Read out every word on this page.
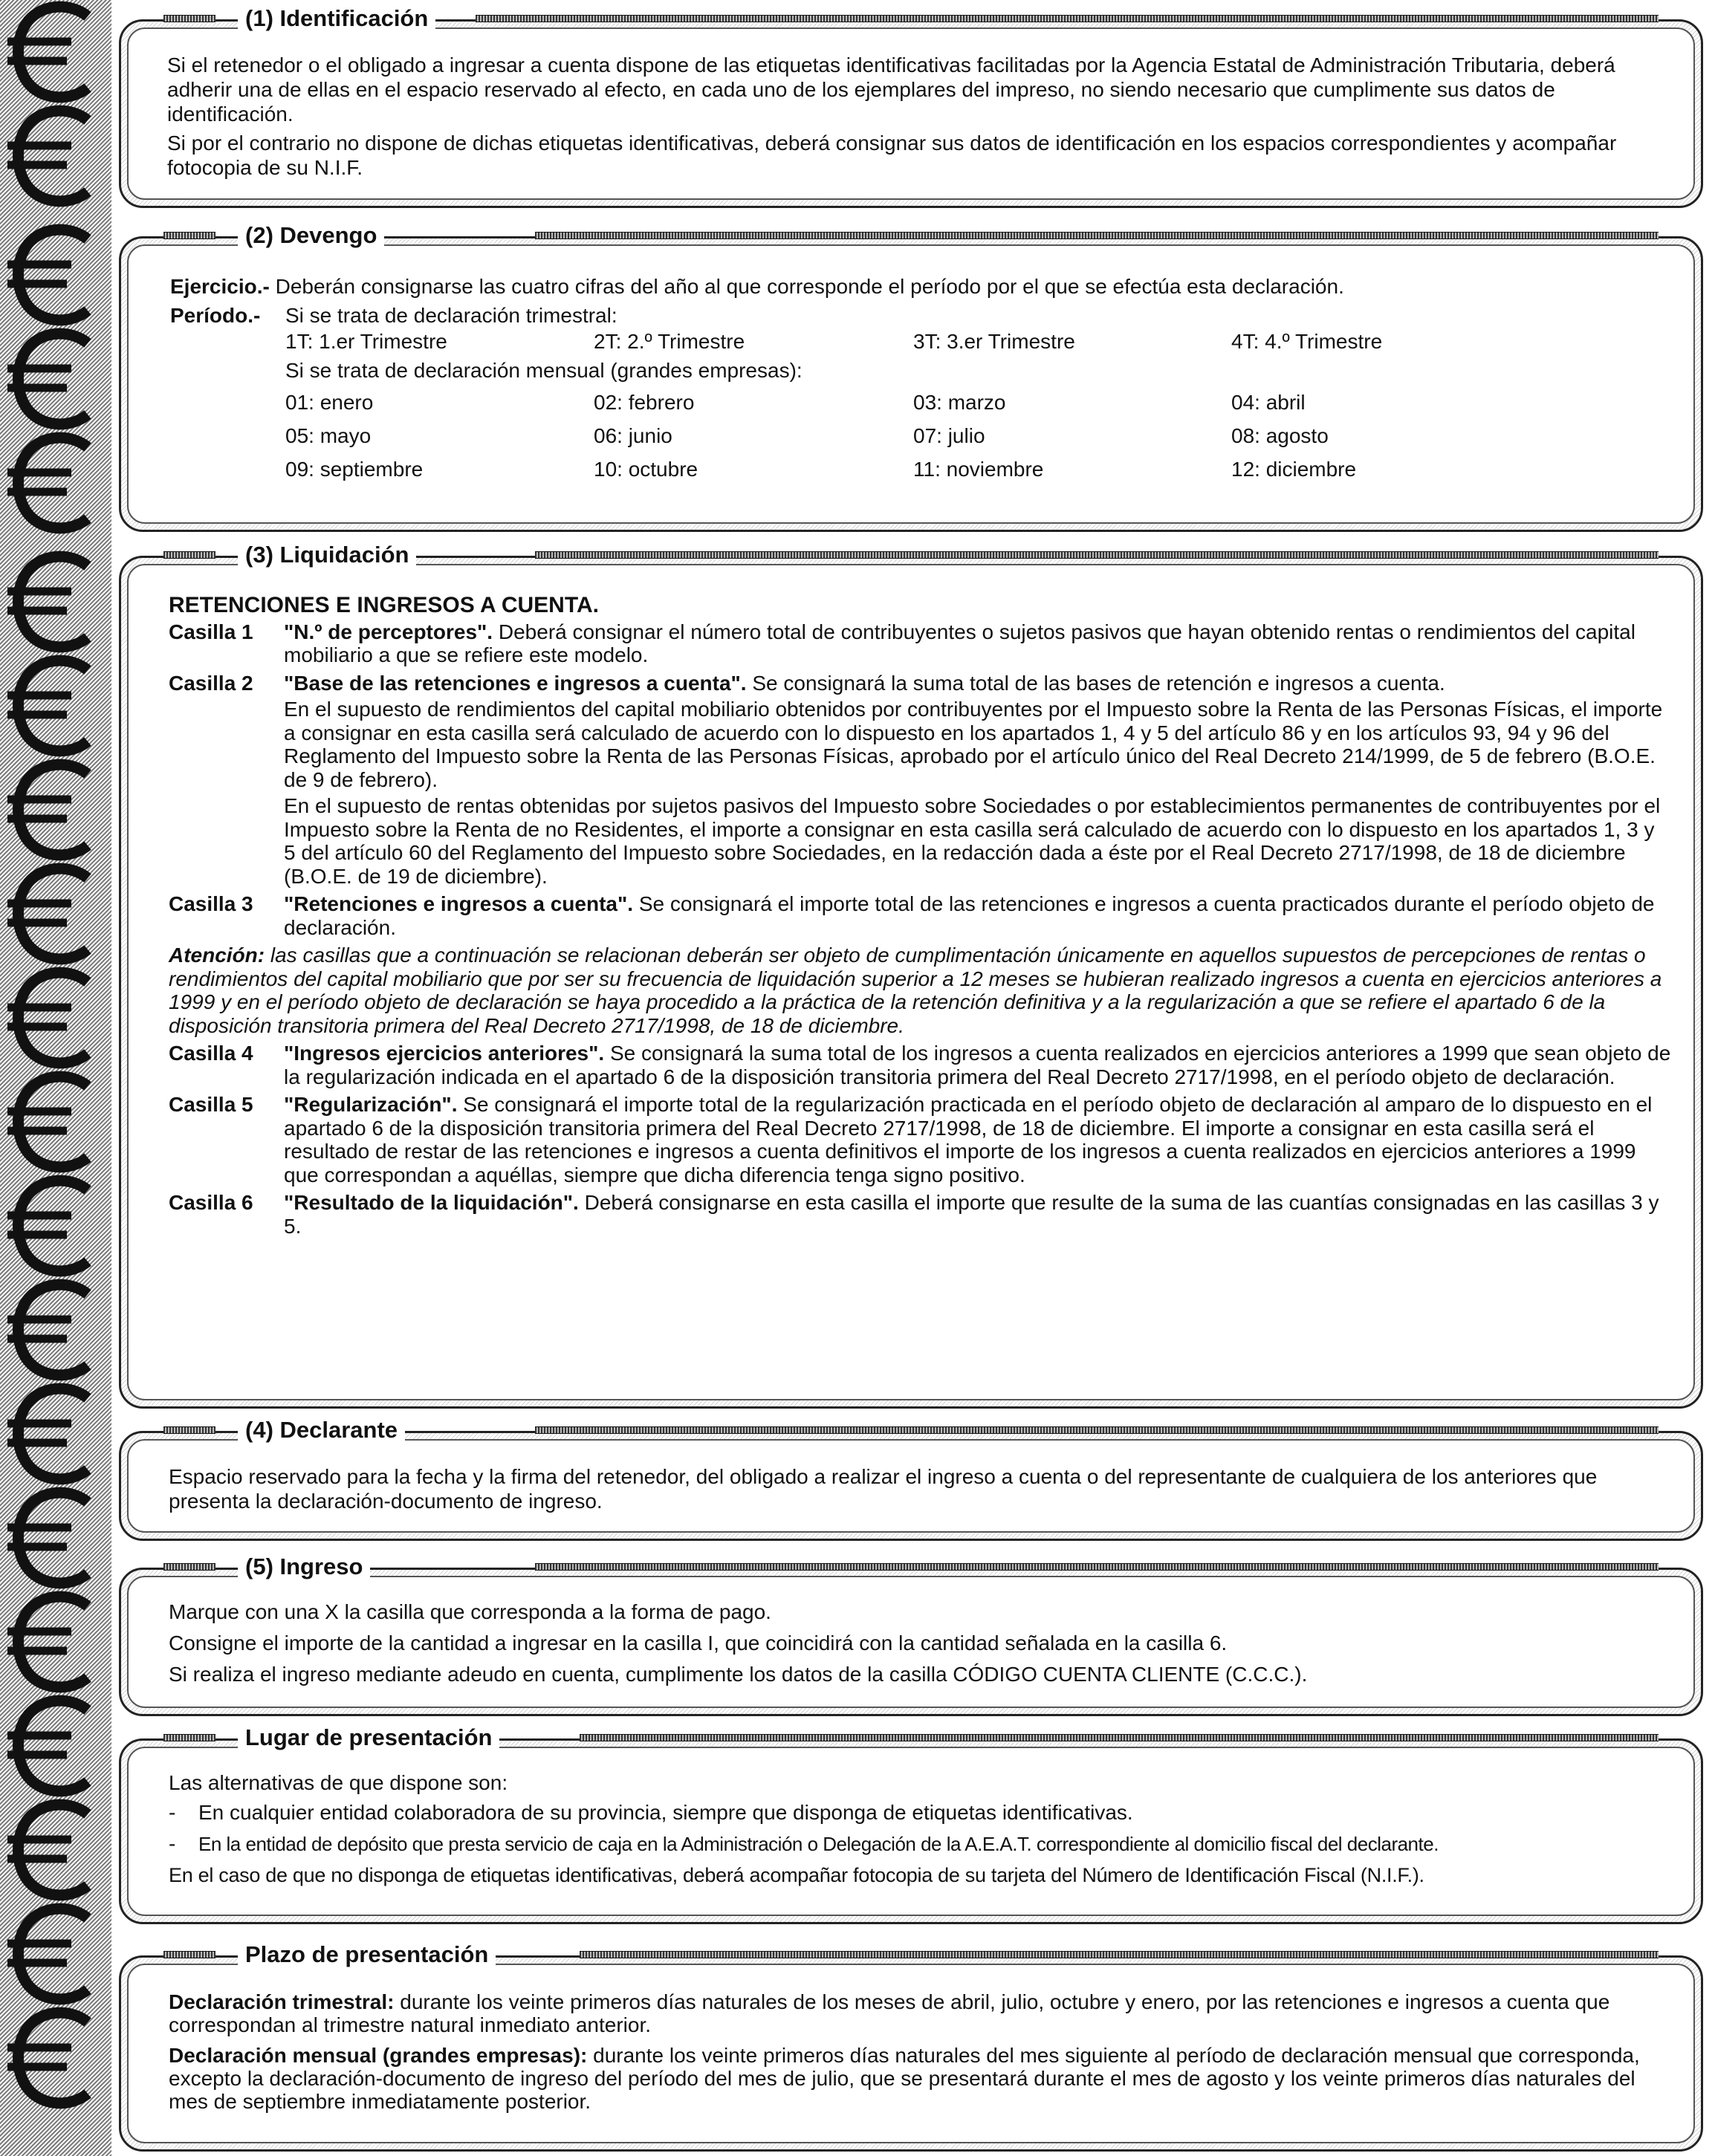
Si el retenedor o el obligado a ingresar a cuenta dispone de las etiquetas identificativas facilitadas por la Agencia Estatal de Administración Tributaria, deberá adherir una de ellas en el espacio reservado al efecto, en cada uno de los ejemplares del impreso, no siendo necesario que cumplimente sus datos de identificación.

Si por el contrario no dispone de dichas etiquetas identificativas, deberá consignar sus datos de identificación en los espacios correspondientes y acompañar fotocopia de su N.I.F.

(1) Identificación

Ejercicio.- Deberán consignarse las cuatro cifras del año al que corresponde el período por el que se efectúa esta declaración.

Período.-	Si se trata de declaración trimestral:

1T: 1.er Trimestre	2T: 2.º Trimestre	3T: 3.er Trimestre	4T: 4.º Trimestre

Si se trata de declaración mensual (grandes empresas):

01: enero	02: febrero	03: marzo	04: abril
05: mayo	06: junio	07: julio	08: agosto
09: septiembre	10: octubre	11: noviembre	12: diciembre
(2) Devengo

RETENCIONES E INGRESOS A CUENTA.

Casilla 1	"N.º de perceptores". Deberá consignar el número total de contribuyentes o sujetos pasivos que hayan obtenido rentas o rendimientos del capital mobiliario a que se refiere este modelo.
Casilla 2	"Base de las retenciones e ingresos a cuenta". Se consignará la suma total de las bases de retención e ingresos a cuenta.
En el supuesto de rendimientos del capital mobiliario obtenidos por contribuyentes por el Impuesto sobre la Renta de las Personas Físicas, el importe a consignar en esta casilla será calculado de acuerdo con lo dispuesto en los apartados 1, 4 y 5 del artículo 86 y en los artículos 93, 94 y 96 del Reglamento del Impuesto sobre la Renta de las Personas Físicas, aprobado por el artículo único del Real Decreto 214/1999, de 5 de febrero (B.O.E. de 9 de febrero).
En el supuesto de rentas obtenidas por sujetos pasivos del Impuesto sobre Sociedades o por establecimientos permanentes de contribuyentes por el Impuesto sobre la Renta de no Residentes, el importe a consignar en esta casilla será calculado de acuerdo con lo dispuesto en los apartados 1, 3 y 5 del artículo 60 del Reglamento del Impuesto sobre Sociedades, en la redacción dada a éste por el Real Decreto 2717/1998, de 18 de diciembre (B.O.E. de 19 de diciembre).
Casilla 3	"Retenciones e ingresos a cuenta". Se consignará el importe total de las retenciones e ingresos a cuenta practicados durante el período objeto de declaración.

Atención: las casillas que a continuación se relacionan deberán ser objeto de cumplimentación únicamente en aquellos supuestos de percepciones de rentas o rendimientos del capital mobiliario que por ser su frecuencia de liquidación superior a 12 meses se hubieran realizado ingresos a cuenta en ejercicios anteriores a 1999 y en el período objeto de declaración se haya procedido a la práctica de la retención definitiva y a la regularización a que se refiere el apartado 6 de la disposición transitoria primera del Real Decreto 2717/1998, de 18 de diciembre.

Casilla 4	"Ingresos ejercicios anteriores". Se consignará la suma total de los ingresos a cuenta realizados en ejercicios anteriores a 1999 que sean objeto de la regularización indicada en el apartado 6 de la disposición transitoria primera del Real Decreto 2717/1998, en el período objeto de declaración.
Casilla 5	"Regularización". Se consignará el importe total de la regularización practicada en el período objeto de declaración al amparo de lo dispuesto en el apartado 6 de la disposición transitoria primera del Real Decreto 2717/1998, de 18 de diciembre. El importe a consignar en esta casilla será el resultado de restar de las retenciones e ingresos a cuenta definitivos el importe de los ingresos a cuenta realizados en ejercicios anteriores a 1999 que correspondan a aquéllas, siempre que dicha diferencia tenga signo positivo.
Casilla 6	"Resultado de la liquidación". Deberá consignarse en esta casilla el importe que resulte de la suma de las cuantías consignadas en las casillas 3 y 5.
(3) Liquidación

Espacio reservado para la fecha y la firma del retenedor, del obligado a realizar el ingreso a cuenta o del representante de cualquiera de los anteriores que presenta la declaración-documento de ingreso.

(4) Declarante

Marque con una X la casilla que corresponda a la forma de pago.

Consigne el importe de la cantidad a ingresar en la casilla I, que coincidirá con la cantidad señalada en la casilla 6.

Si realiza el ingreso mediante adeudo en cuenta, cumplimente los datos de la casilla CÓDIGO CUENTA CLIENTE (C.C.C.).

(5) Ingreso

Las alternativas de que dispone son:

-	En cualquier entidad colaboradora de su provincia, siempre que disponga de etiquetas identificativas.

-	En la entidad de depósito que presta servicio de caja en la Administración o Delegación de la A.E.A.T. correspondiente al domicilio fiscal del declarante.

En el caso de que no disponga de etiquetas identificativas, deberá acompañar fotocopia de su tarjeta del Número de Identificación Fiscal (N.I.F.).

Lugar de presentación

Declaración trimestral: durante los veinte primeros días naturales de los meses de abril, julio, octubre y enero, por las retenciones e ingresos a cuenta que correspondan al trimestre natural inmediato anterior.

Declaración mensual (grandes empresas): durante los veinte primeros días naturales del mes siguiente al período de declaración mensual que corresponda, excepto la declaración-documento de ingreso del período del mes de julio, que se presentará durante el mes de agosto y los veinte primeros días naturales del mes de septiembre inmediatamente posterior.

Plazo de presentación
